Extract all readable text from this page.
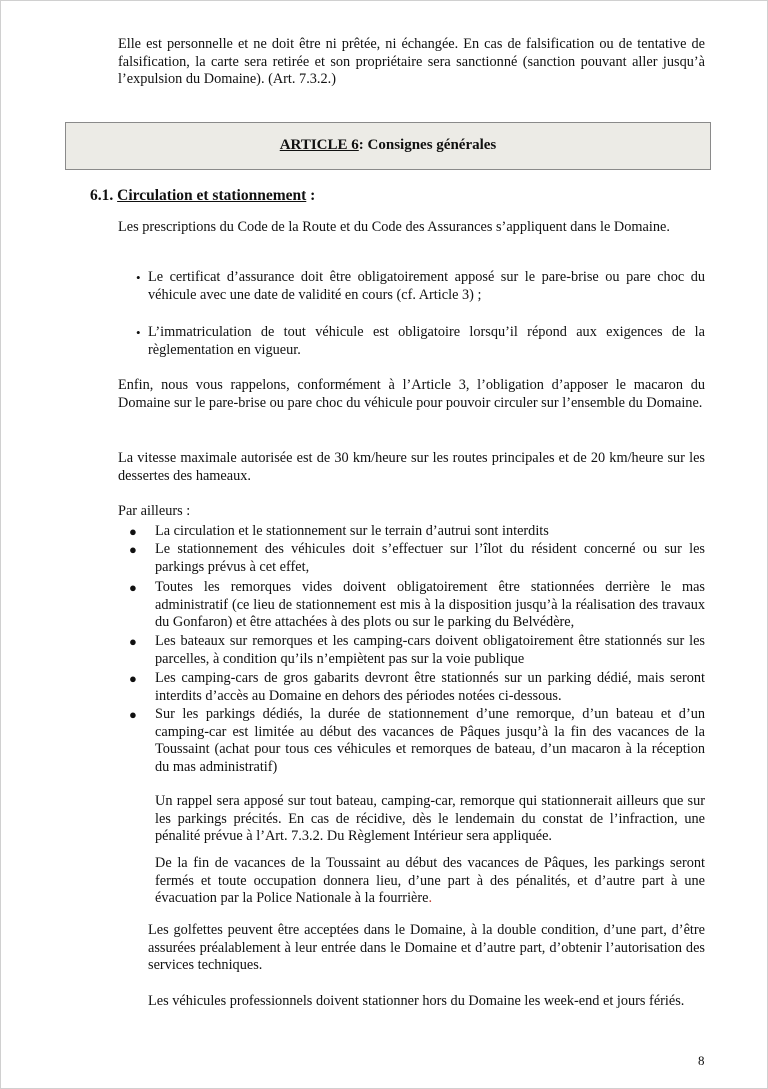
Elle est personnelle et ne doit être ni prêtée, ni échangée. En cas de falsification ou de tentative de falsification, la carte sera retirée et son propriétaire sera sanctionné (sanction pouvant aller jusqu’à l’expulsion du Domaine). (Art. 7.3.2.)

ARTICLE 6 : Consignes générales

6.1. Circulation et stationnement :

Les prescriptions du Code de la Route et du Code des Assurances s’appliquent dans le Domaine.

• Le certificat d’assurance doit être obligatoirement apposé sur le pare-brise ou pare choc du véhicule avec une date de validité en cours (cf. Article 3) ;
• L’immatriculation de tout véhicule est obligatoire lorsqu’il répond aux exigences de la règlementation en vigueur.

Enfin, nous vous rappelons, conformément à l’Article 3, l’obligation d’apposer le macaron du Domaine sur le pare-brise ou pare choc du véhicule pour pouvoir circuler sur l’ensemble du Domaine.

La vitesse maximale autorisée est de 30 km/heure sur les routes principales et de 20 km/heure sur les dessertes des hameaux.

Par ailleurs :

●	La circulation et le stationnement sur le terrain d’autrui sont interdits
●	Le stationnement des véhicules doit s’effectuer sur l’îlot du résident concerné ou sur les parkings prévus à cet effet,
●	Toutes les remorques vides doivent obligatoirement être stationnées derrière le mas administratif (ce lieu de stationnement est mis à la disposition jusqu’à la réalisation des travaux du Gonfaron) et être attachées à des plots ou sur le parking du Belvédère,
●	Les bateaux sur remorques et les camping-cars doivent obligatoirement être stationnés sur les parcelles, à condition qu’ils n’empiètent pas sur la voie publique
●	Les camping-cars de gros gabarits devront être stationnés sur un parking dédié, mais seront interdits d’accès au Domaine en dehors des périodes notées ci-dessous.
●	Sur les parkings dédiés, la durée de stationnement d’une remorque, d’un bateau et d’un camping-car est limitée au début des vacances de Pâques jusqu’à la fin des vacances de la Toussaint (achat pour tous ces véhicules et remorques de bateau, d’un macaron à la réception du mas administratif)

Un rappel sera apposé sur tout bateau, camping-car, remorque qui stationnerait ailleurs que sur les parkings précités. En cas de récidive, dès le lendemain du constat de l’infraction, une pénalité prévue à l’Art. 7.3.2. Du Règlement Intérieur sera appliquée.

De la fin de vacances de la Toussaint au début des vacances de Pâques, les parkings seront fermés et toute occupation donnera lieu, d’une part à des pénalités, et d’autre part à une évacuation par la Police Nationale à la fourrière.

Les golfettes peuvent être acceptées dans le Domaine, à la double condition, d’une part, d’être assurées préalablement à leur entrée dans le Domaine et d’autre part, d’obtenir l’autorisation des services techniques.

Les véhicules professionnels doivent stationner hors du Domaine les week-end et jours fériés.

8
